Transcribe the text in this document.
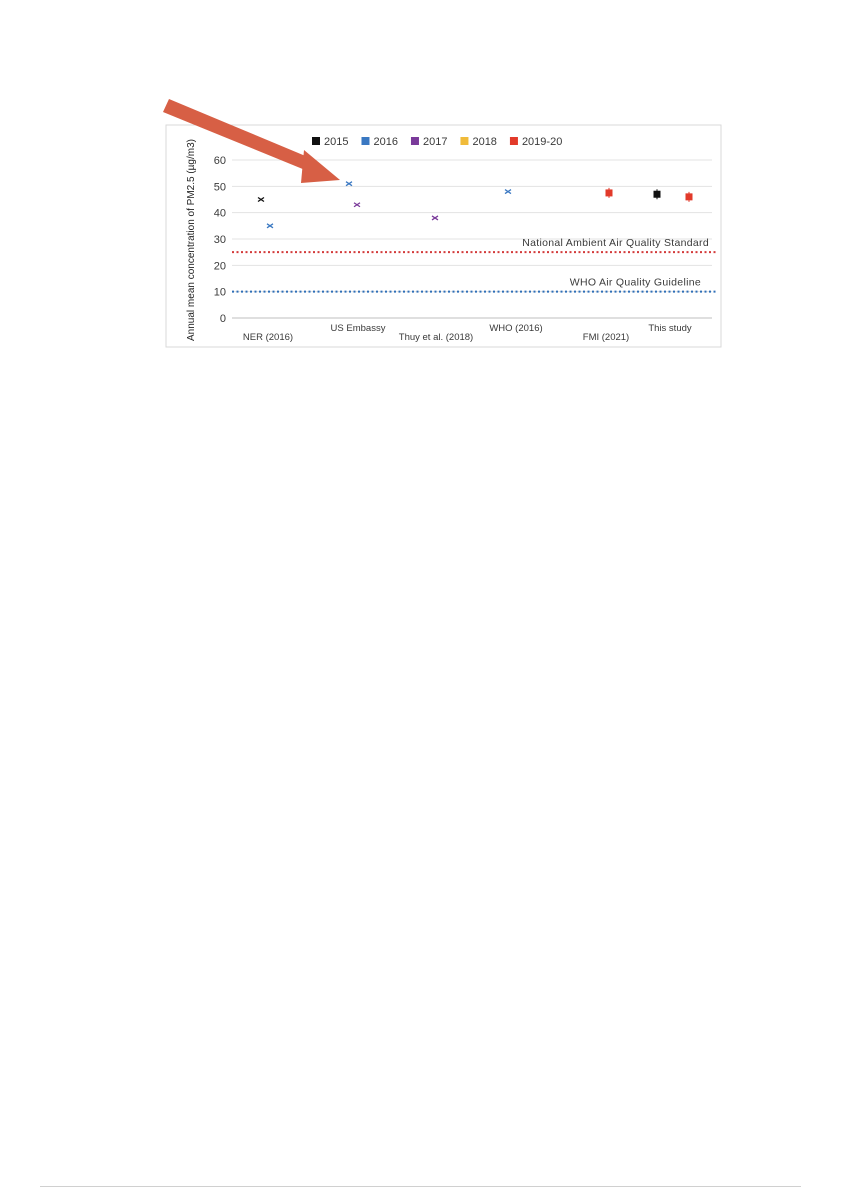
2015 2016 2017 2018 2019-20
National Ambient Air Quality Standard
WHO Air Quality Guideline
0
10
20
30
40
50
60
NER (2016)
US Embassy
Thuy et al. (2018)
WHO (2016)
FMI (2021)
This study
Annual mean concentration of PM2.5 (µg/m3)
